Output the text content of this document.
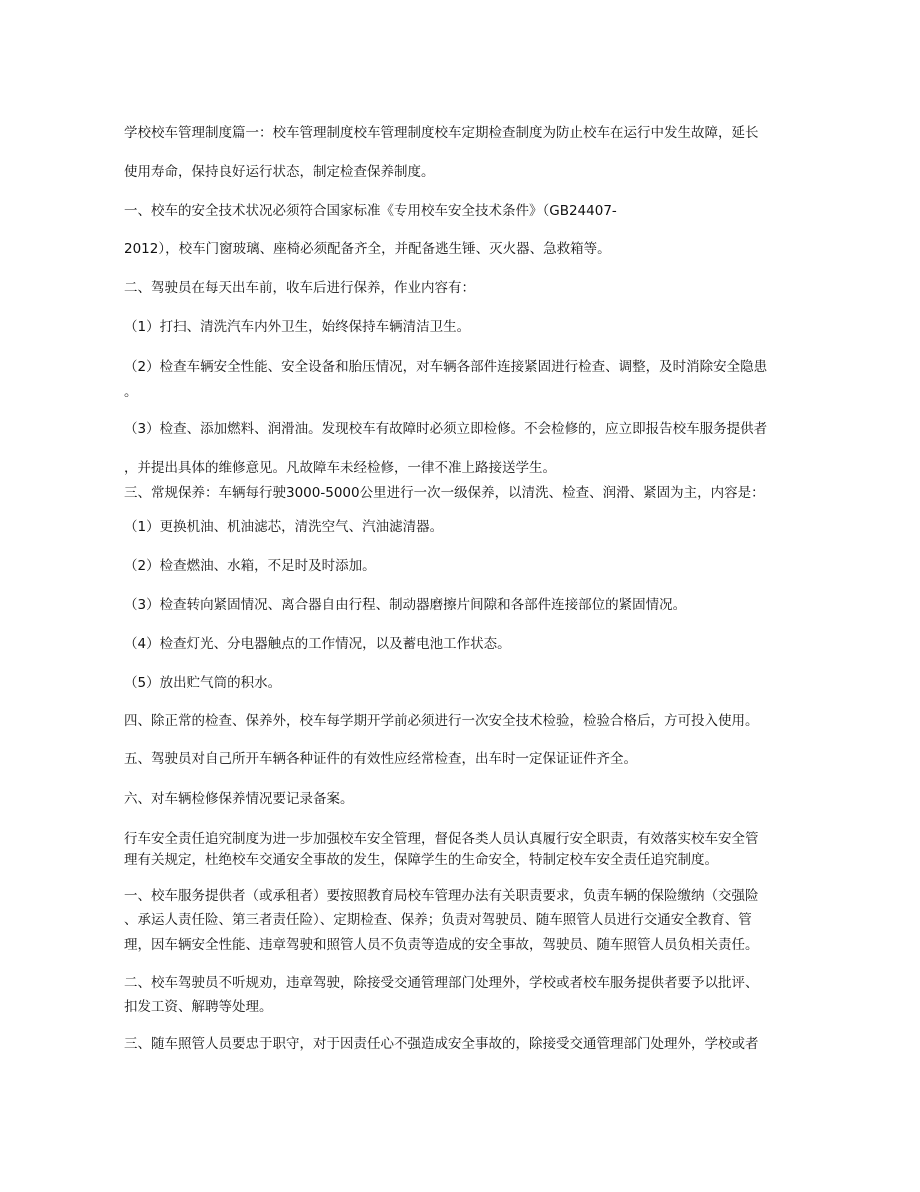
学校校车管理制度篇一：校车管理制度校车管理制度校车定期检查制度为防止校车在运行中发生故障，延长

使用寿命，保持良好运行状态，制定检查保养制度。

一、校车的安全技术状况必须符合国家标准《专用校车安全技术条件》（GB24407-

2012），校车门窗玻璃、座椅必须配备齐全，并配备逃生锤、灭火器、急救箱等。

二、驾驶员在每天出车前，收车后进行保养，作业内容有：

（1）打扫、清洗汽车内外卫生，始终保持车辆清洁卫生。

（2）检查车辆安全性能、安全设备和胎压情况，对车辆各部件连接紧固进行检查、调整，及时消除安全隐患

。

（3）检查、添加燃料、润滑油。发现校车有故障时必须立即检修。不会检修的，应立即报告校车服务提供者

，并提出具体的维修意见。凡故障车未经检修，一律不准上路接送学生。

三、常规保养：车辆每行驶3000-5000公里进行一次一级保养，以清洗、检查、润滑、紧固为主，内容是：

（1）更换机油、机油滤芯，清洗空气、汽油滤清器。

（2）检查燃油、水箱，不足时及时添加。

（3）检查转向紧固情况、离合器自由行程、制动器磨擦片间隙和各部件连接部位的紧固情况。

（4）检查灯光、分电器触点的工作情况，以及蓄电池工作状态。

（5）放出贮气筒的积水。

四、除正常的检查、保养外，校车每学期开学前必须进行一次安全技术检验，检验合格后，方可投入使用。

五、驾驶员对自己所开车辆各种证件的有效性应经常检查，出车时一定保证证件齐全。

六、对车辆检修保养情况要记录备案。

行车安全责任追究制度为进一步加强校车安全管理，督促各类人员认真履行安全职责，有效落实校车安全管

理有关规定，杜绝校车交通安全事故的发生，保障学生的生命安全，特制定校车安全责任追究制度。

一、校车服务提供者（或承租者）要按照教育局校车管理办法有关职责要求，负责车辆的保险缴纳（交强险

、承运人责任险、第三者责任险）、定期检查、保养；负责对驾驶员、随车照管人员进行交通安全教育、管

理，因车辆安全性能、违章驾驶和照管人员不负责等造成的安全事故，驾驶员、随车照管人员负相关责任。

二、校车驾驶员不听规劝，违章驾驶，除接受交通管理部门处理外，学校或者校车服务提供者要予以批评、

扣发工资、解聘等处理。

三、随车照管人员要忠于职守，对于因责任心不强造成安全事故的，除接受交通管理部门处理外，学校或者
